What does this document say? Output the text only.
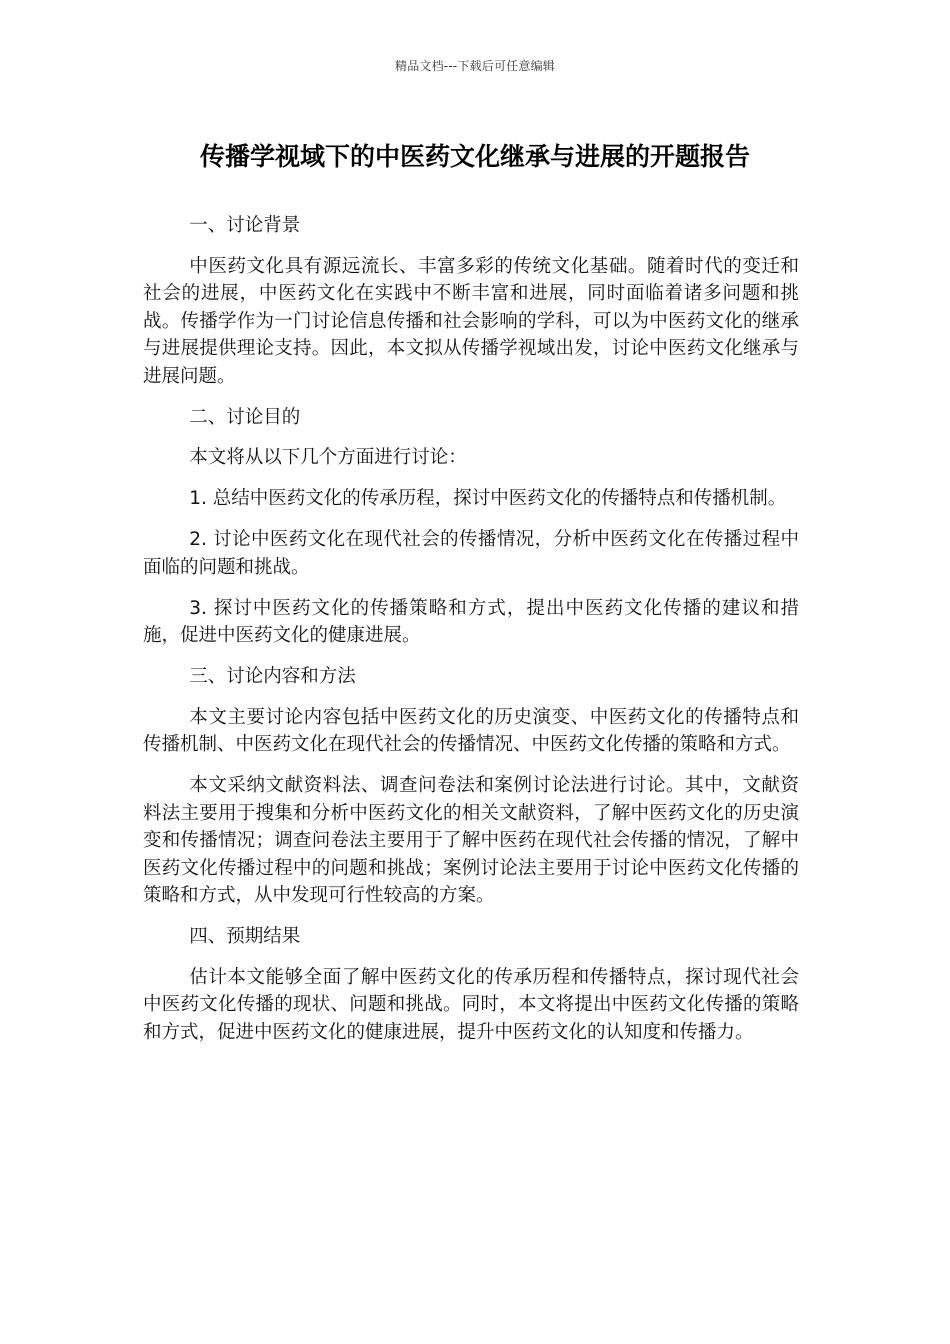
精品文档---下载后可任意编辑
传播学视域下的中医药文化继承与进展的开题报告

一、讨论背景

中医药文化具有源远流长、丰富多彩的传统文化基础。随着时代的变迁和社会的进展，中医药文化在实践中不断丰富和进展，同时面临着诸多问题和挑战。传播学作为一门讨论信息传播和社会影响的学科，可以为中医药文化的继承与进展提供理论支持。因此，本文拟从传播学视域出发，讨论中医药文化继承与进展问题。

二、讨论目的

本文将从以下几个方面进行讨论：

1. 总结中医药文化的传承历程，探讨中医药文化的传播特点和传播机制。

2. 讨论中医药文化在现代社会的传播情况，分析中医药文化在传播过程中面临的问题和挑战。

3. 探讨中医药文化的传播策略和方式，提出中医药文化传播的建议和措施，促进中医药文化的健康进展。

三、讨论内容和方法

本文主要讨论内容包括中医药文化的历史演变、中医药文化的传播特点和传播机制、中医药文化在现代社会的传播情况、中医药文化传播的策略和方式。

本文采纳文献资料法、调查问卷法和案例讨论法进行讨论。其中，文献资料法主要用于搜集和分析中医药文化的相关文献资料，了解中医药文化的历史演变和传播情况；调查问卷法主要用于了解中医药在现代社会传播的情况，了解中医药文化传播过程中的问题和挑战；案例讨论法主要用于讨论中医药文化传播的策略和方式，从中发现可行性较高的方案。

四、预期结果

估计本文能够全面了解中医药文化的传承历程和传播特点，探讨现代社会中医药文化传播的现状、问题和挑战。同时，本文将提出中医药文化传播的策略和方式，促进中医药文化的健康进展，提升中医药文化的认知度和传播力。
